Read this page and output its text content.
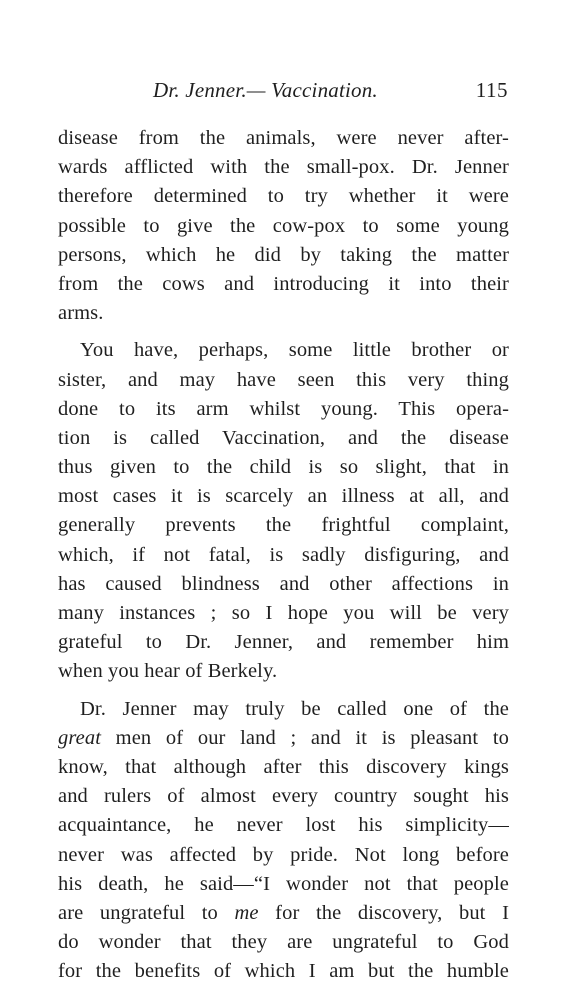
Dr. Jenner.— Vaccination.	115
disease from the animals, were never after-
wards afflicted with the small-pox. Dr. Jenner
therefore determined to try whether it were
possible to give the cow-pox to some young
persons, which he did by taking the matter
from the cows and introducing it into their
arms.
You have, perhaps, some little brother or
sister, and may have seen this very thing
done to its arm whilst young. This opera-
tion is called Vaccination, and the disease
thus given to the child is so slight, that in
most cases it is scarcely an illness at all, and
generally prevents the frightful complaint,
which, if not fatal, is sadly disfiguring, and
has caused blindness and other affections in
many instances ; so I hope you will be very
grateful to Dr. Jenner, and remember him
when you hear of Berkely.
Dr. Jenner may truly be called one of the
great men of our land ; and it is pleasant to
know, that although after this discovery kings
and rulers of almost every country sought his
acquaintance, he never lost his simplicity—
never was affected by pride. Not long before
his death, he said—“I wonder not that people
are ungrateful to me for the discovery, but I
do wonder that they are ungrateful to God
for the benefits of which I am but the humble
